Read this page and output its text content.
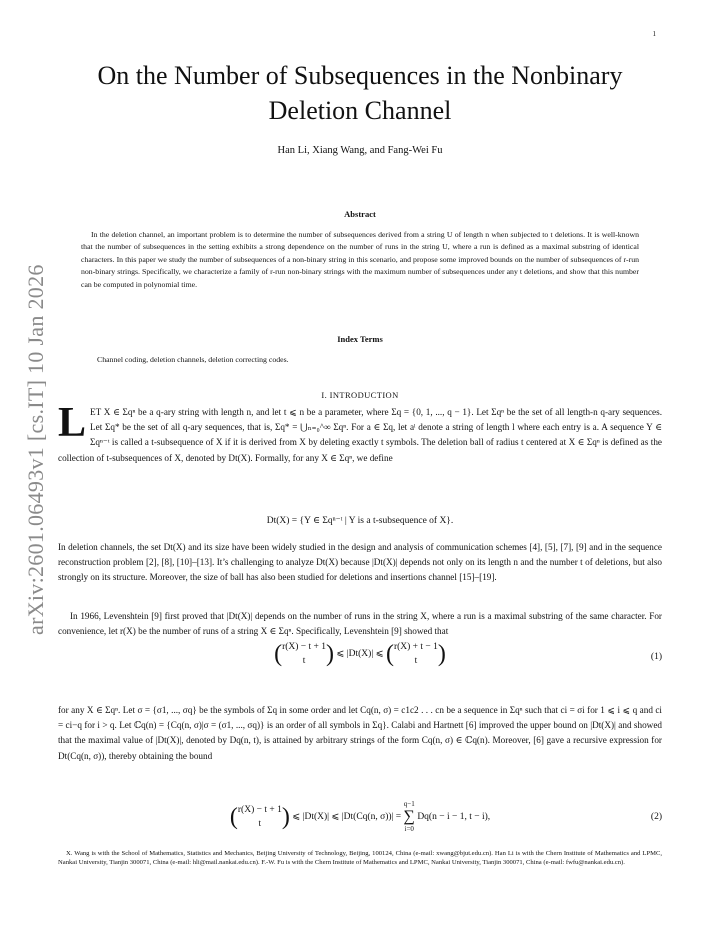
1
arXiv:2601.06493v1 [cs.IT] 10 Jan 2026
On the Number of Subsequences in the Nonbinary
Deletion Channel
Han Li, Xiang Wang, and Fang-Wei Fu
Abstract
In the deletion channel, an important problem is to determine the number of subsequences derived from a string U of length n when subjected to t deletions. It is well-known that the number of subsequences in the setting exhibits a strong dependence on the number of runs in the string U, where a run is defined as a maximal substring of identical characters. In this paper we study the number of subsequences of a non-binary string in this scenario, and propose some improved bounds on the number of subsequences of r-run non-binary strings. Specifically, we characterize a family of r-run non-binary strings with the maximum number of subsequences under any t deletions, and show that this number can be computed in polynomial time.
Index Terms
Channel coding, deletion channels, deletion correcting codes.
I. INTRODUCTION
L ET X ∈ Σqⁿ be a q-ary string with length n, and let t ⩽ n be a parameter, where Σq = {0, 1, ..., q − 1}. Let Σqⁿ be the set of all length-n q-ary sequences. Let Σq* be the set of all q-ary sequences, that is, Σq* = ⋃ₙ₌₀^∞ Σqⁿ. For a ∈ Σq, let aˡ denote a string of length l where each entry is a. A sequence Y ∈ Σqⁿ⁻ᵗ is called a t-subsequence of X if it is derived from X by deleting exactly t symbols. The deletion ball of radius t centered at X ∈ Σqⁿ is defined as the collection of t-subsequences of X, denoted by Dt(X). Formally, for any X ∈ Σqⁿ, we define
Dt(X) = {Y ∈ Σqⁿ⁻ᵗ | Y is a t-subsequence of X}.
In deletion channels, the set Dt(X) and its size have been widely studied in the design and analysis of communication schemes [4], [5], [7], [9] and in the sequence reconstruction problem [2], [8], [10]–[13]. It’s challenging to analyze Dt(X) because |Dt(X)| depends not only on its length n and the number t of deletions, but also strongly on its structure. Moreover, the size of ball has also been studied for deletions and insertions channel [15]–[19].
In 1966, Levenshtein [9] first proved that |Dt(X)| depends on the number of runs in the string X, where a run is a maximal substring of the same character. For convenience, let r(X) be the number of runs of a string X ∈ Σqⁿ. Specifically, Levenshtein [9] showed that
(r(X) − t + 1
t ) ⩽ |Dt(X)| ⩽ (r(X) + t − 1
t )	(1)
for any X ∈ Σqⁿ. Let σ = {σ1, ..., σq} be the symbols of Σq in some order and let Cq(n, σ) = c1c2 . . . cn be a sequence in Σqⁿ such that ci = σi for 1 ⩽ i ⩽ q and ci = ci−q for i > q. Let ℂq(n) = {Cq(n, σ)|σ = (σ1, ..., σq)} is an order of all symbols in Σq}. Calabi and Hartnett [6] improved the upper bound on |Dt(X)| and showed that the maximal value of |Dt(X)|, denoted by Dq(n, t), is attained by arbitrary strings of the form Cq(n, σ) ∈ ℂq(n). Moreover, [6] gave a recursive expression for Dt(Cq(n, σ)), thereby obtaining the bound
(r(X) − t + 1
t ) ⩽ |Dt(X)| ⩽ |Dt(Cq(n, σ))| = q−1
∑
i=0 Dq(n − i − 1, t − i),	(2)
X. Wang is with the School of Mathematics, Statistics and Mechanics, Beijing University of Technology, Beijing, 100124, China (e-mail: xwang@bjut.edu.cn). Han Li is with the Chern Institute of Mathematics and LPMC, Nankai University, Tianjin 300071, China (e-mail: hli@mail.nankai.edu.cn). F.-W. Fu is with the Chern Institute of Mathematics and LPMC, Nankai University, Tianjin 300071, China (e-mail: fwfu@nankai.edu.cn).
